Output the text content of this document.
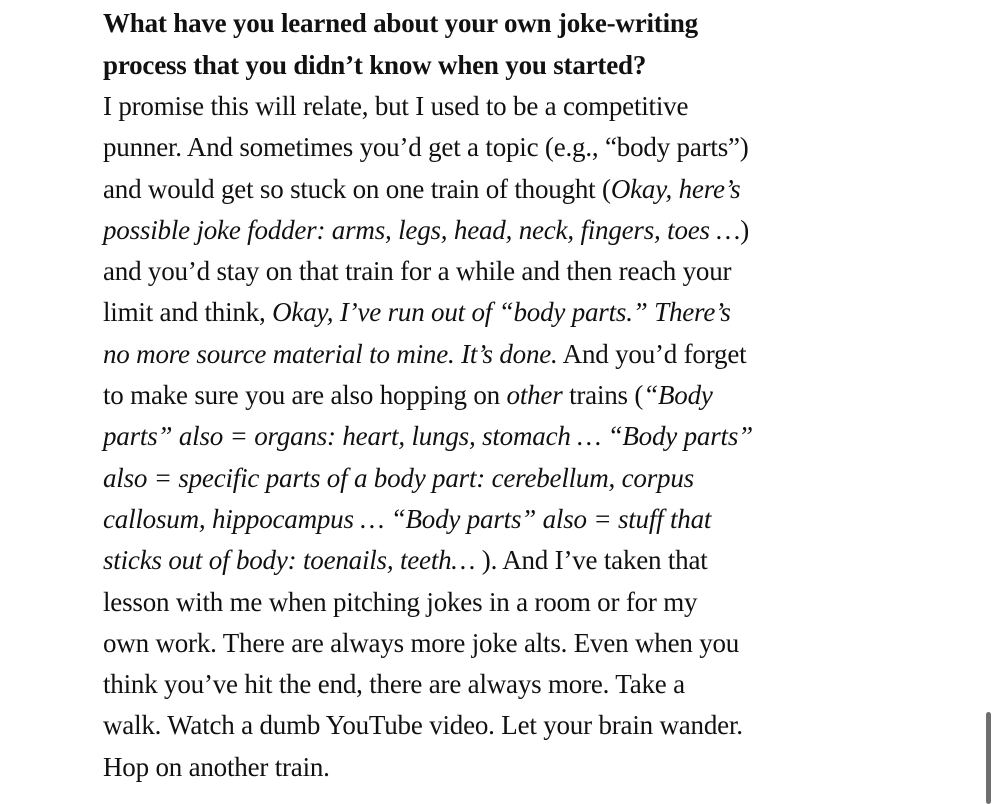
What have you learned about your own joke-writing
process that you didn’t know when you started?

I promise this will relate, but I used to be a competitive
punner. And sometimes you’d get a topic (e.g., “body parts”)
and would get so stuck on one train of thought (Okay, here’s
possible joke fodder: arms, legs, head, neck, fingers, toes …)
and you’d stay on that train for a while and then reach your
limit and think, Okay, I’ve run out of “body parts.” There’s
no more source material to mine. It’s done. And you’d forget
to make sure you are also hopping on other trains (“Body
parts” also = organs: heart, lungs, stomach … “Body parts”
also = specific parts of a body part: cerebellum, corpus
callosum, hippocampus … “Body parts” also = stuff that
sticks out of body: toenails, teeth… ). And I’ve taken that
lesson with me when pitching jokes in a room or for my
own work. There are always more joke alts. Even when you
think you’ve hit the end, there are always more. Take a
walk. Watch a dumb YouTube video. Let your brain wander.
Hop on another train.
